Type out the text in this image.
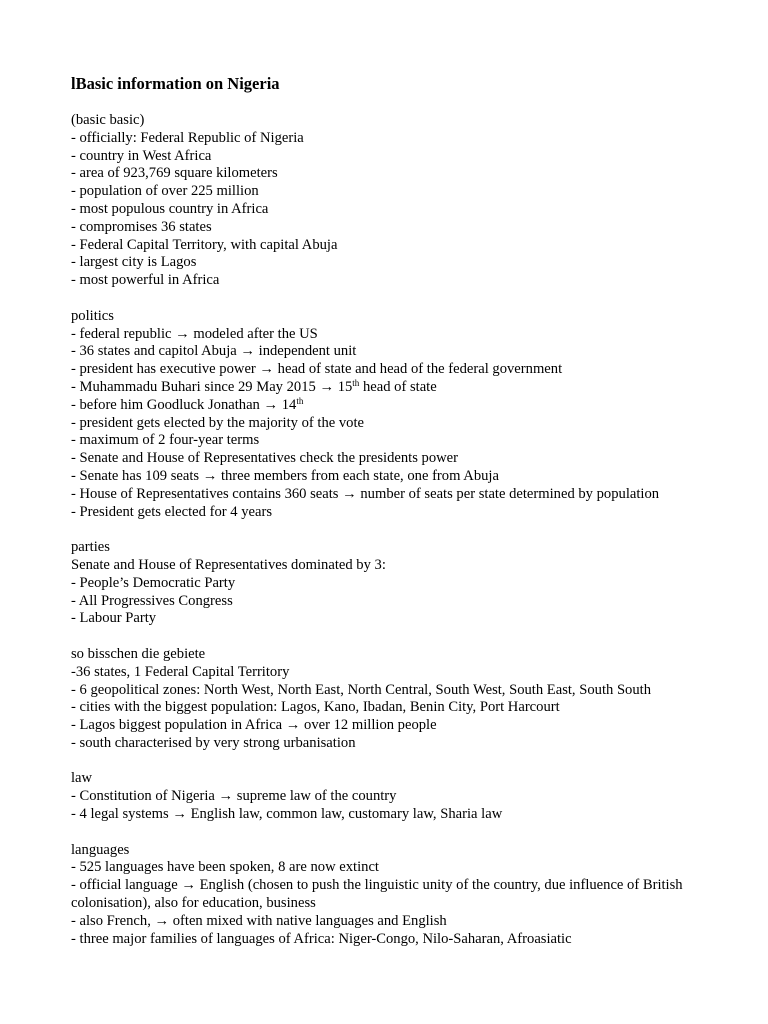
lBasic information on Nigeria
(basic basic)
- officially: Federal Republic of Nigeria
- country in West Africa
- area of 923,769 square kilometers
- population of over 225 million
- most populous country in Africa
- compromises 36 states
- Federal Capital Territory, with capital Abuja
- largest city is Lagos
- most powerful in Africa
politics
- federal republic → modeled after the US
- 36 states and capitol Abuja → independent unit
- president has executive power → head of state and head of the federal government
- Muhammadu Buhari since 29 May 2015 → 15th head of state
- before him Goodluck Jonathan → 14th
- president gets elected by the majority of the vote
- maximum of 2 four-year terms
- Senate and House of Representatives check the presidents power
- Senate has 109 seats → three members from each state, one from Abuja
- House of Representatives contains 360 seats → number of seats per state determined by population
- President gets elected for 4 years
parties
Senate and House of Representatives dominated by 3:
- People’s Democratic Party
- All Progressives Congress
- Labour Party
so bisschen die gebiete
-36 states, 1 Federal Capital Territory
- 6 geopolitical zones: North West, North East, North Central, South West, South East, South South
- cities with the biggest population: Lagos, Kano, Ibadan, Benin City, Port Harcourt
- Lagos biggest population in Africa → over 12 million people
- south characterised by very strong urbanisation
law
- Constitution of Nigeria → supreme law of the country
- 4 legal systems → English law, common law, customary law, Sharia law
languages
- 525 languages have been spoken, 8 are now extinct
- official language → English (chosen to push the linguistic unity of the country, due influence of British colonisation), also for education, business
- also French, → often mixed with native languages and English
- three major families of languages of Africa: Niger-Congo, Nilo-Saharan, Afroasiatic
